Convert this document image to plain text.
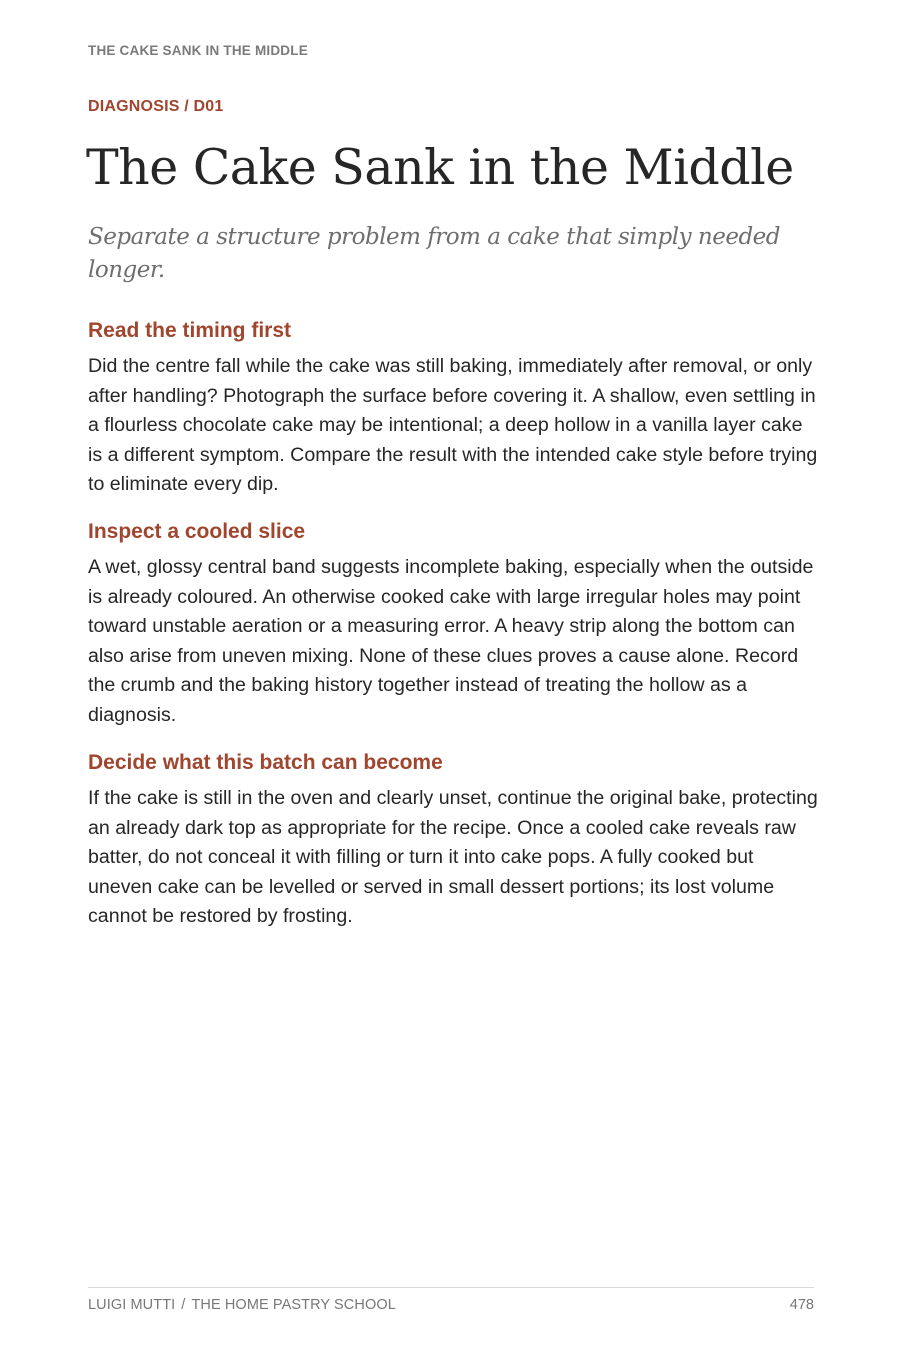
THE CAKE SANK IN THE MIDDLE
DIAGNOSIS / D01
The Cake Sank in the Middle

Separate a structure problem from a cake that simply needed longer.

Read the timing first

Did the centre fall while the cake was still baking, immediately after removal, or only after handling? Photograph the surface before covering it. A shallow, even settling in a flourless chocolate cake may be intentional; a deep hollow in a vanilla layer cake is a different symptom. Compare the result with the intended cake style before trying to eliminate every dip.

Inspect a cooled slice

A wet, glossy central band suggests incomplete baking, especially when the outside is already coloured. An otherwise cooked cake with large irregular holes may point toward unstable aeration or a measuring error. A heavy strip along the bottom can also arise from uneven mixing. None of these clues proves a cause alone. Record the crumb and the baking history together instead of treating the hollow as a diagnosis.

Decide what this batch can become

If the cake is still in the oven and clearly unset, continue the original bake, protecting an already dark top as appropriate for the recipe. Once a cooled cake reveals raw batter, do not conceal it with filling or turn it into cake pops. A fully cooked but uneven cake can be levelled or served in small dessert portions; its lost volume cannot be restored by frosting.

LUIGI MUTTI / THE HOME PASTRY SCHOOL	478
